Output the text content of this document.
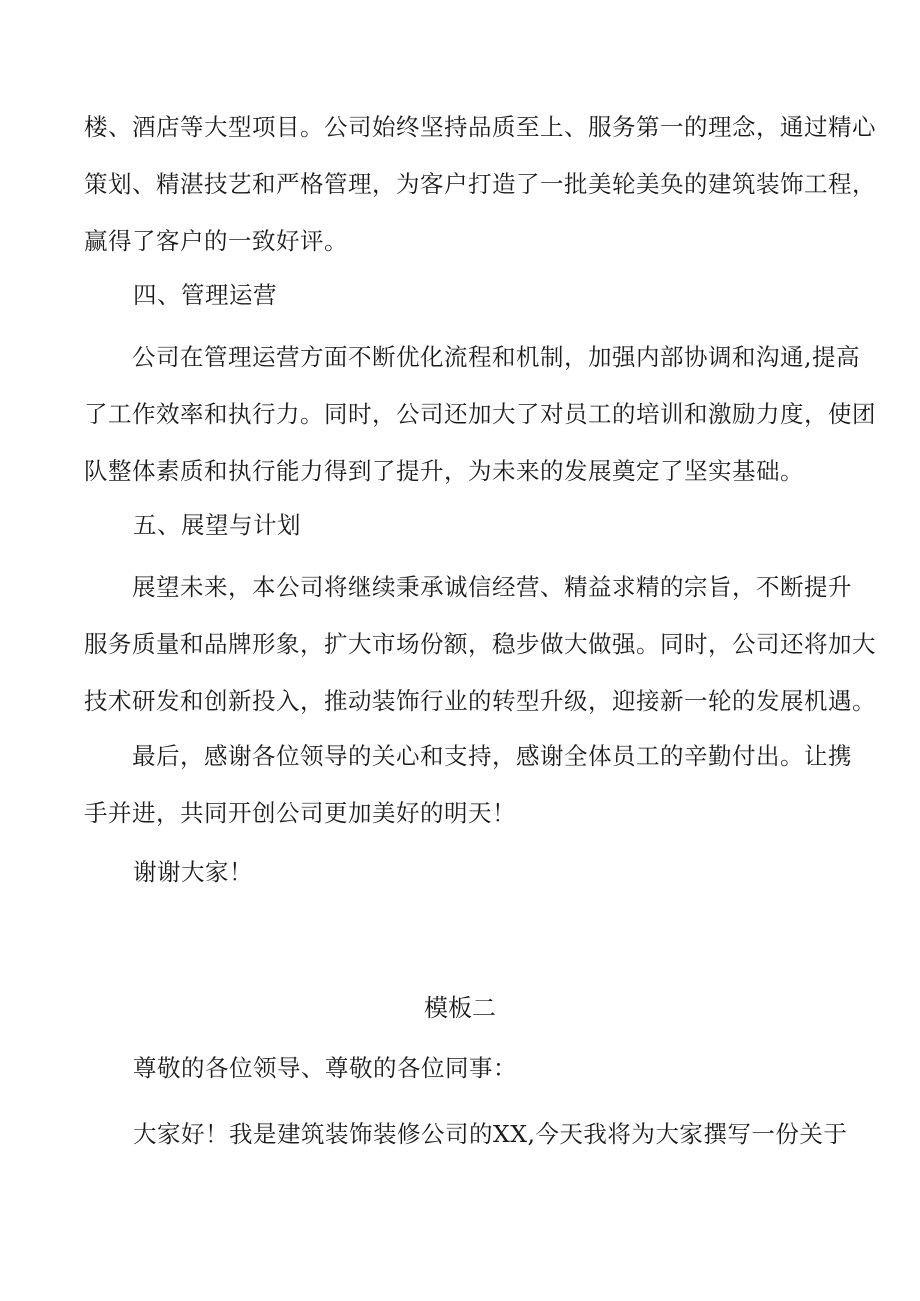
楼、酒店等大型项目。公司始终坚持品质至上、服务第一的理念，通过精心
策划、精湛技艺和严格管理，为客户打造了一批美轮美奂的建筑装饰工程，
赢得了客户的一致好评。

四、管理运营

公司在管理运营方面不断优化流程和机制，加强内部协调和沟通,提高
了工作效率和执行力。同时，公司还加大了对员工的培训和激励力度，使团
队整体素质和执行能力得到了提升，为未来的发展奠定了坚实基础。

五、展望与计划

展望未来，本公司将继续秉承诚信经营、精益求精的宗旨，不断提升
服务质量和品牌形象，扩大市场份额，稳步做大做强。同时，公司还将加大
技术研发和创新投入，推动装饰行业的转型升级，迎接新一轮的发展机遇。

最后，感谢各位领导的关心和支持，感谢全体员工的辛勤付出。让携
手并进，共同开创公司更加美好的明天！

谢谢大家！

模板二

尊敬的各位领导、尊敬的各位同事：

大家好！我是建筑装饰装修公司的XX,今天我将为大家撰写一份关于
